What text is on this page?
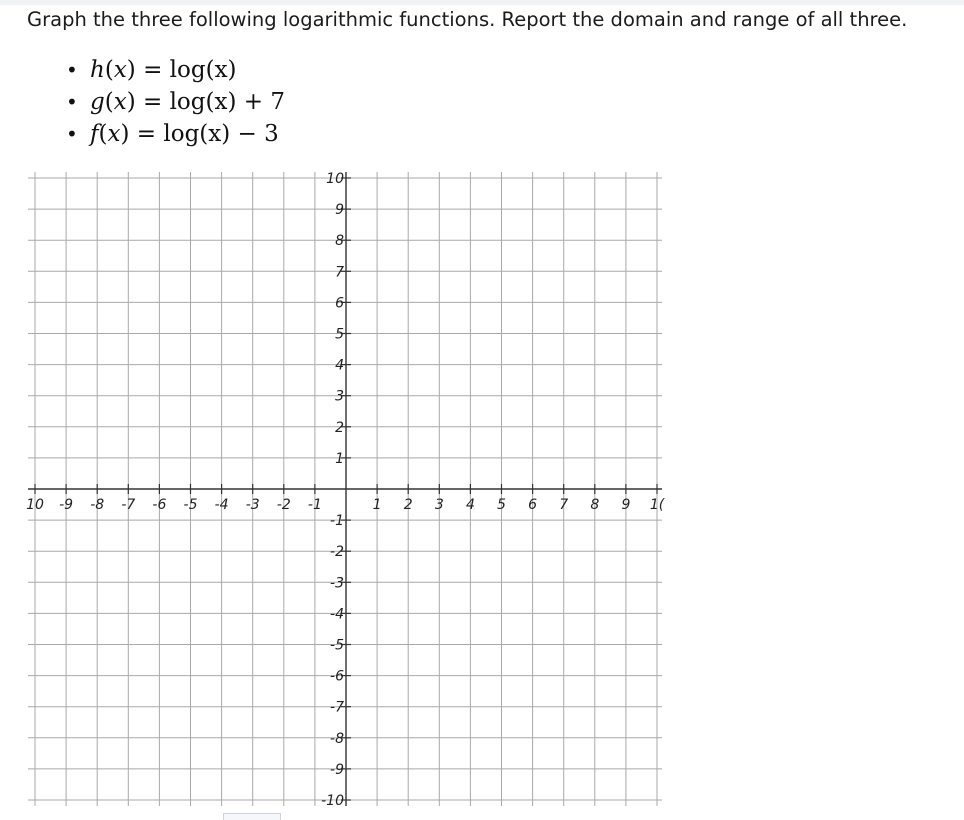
Graph the three following logarithmic functions. Report the domain and range of all three.
• h(x) = log(x)
• g(x) = log(x) + 7
• f(x) = log(x) − 3
10 -9 -8 -7 -6 -5 -4 -3 -2 -1	1 2 3 4 5 6 7 8 9 1(
1
2
3
4
5
6
7
8
9
10
-1
-2
-3
-4
-5
-6
-7
-8
-9
-10
